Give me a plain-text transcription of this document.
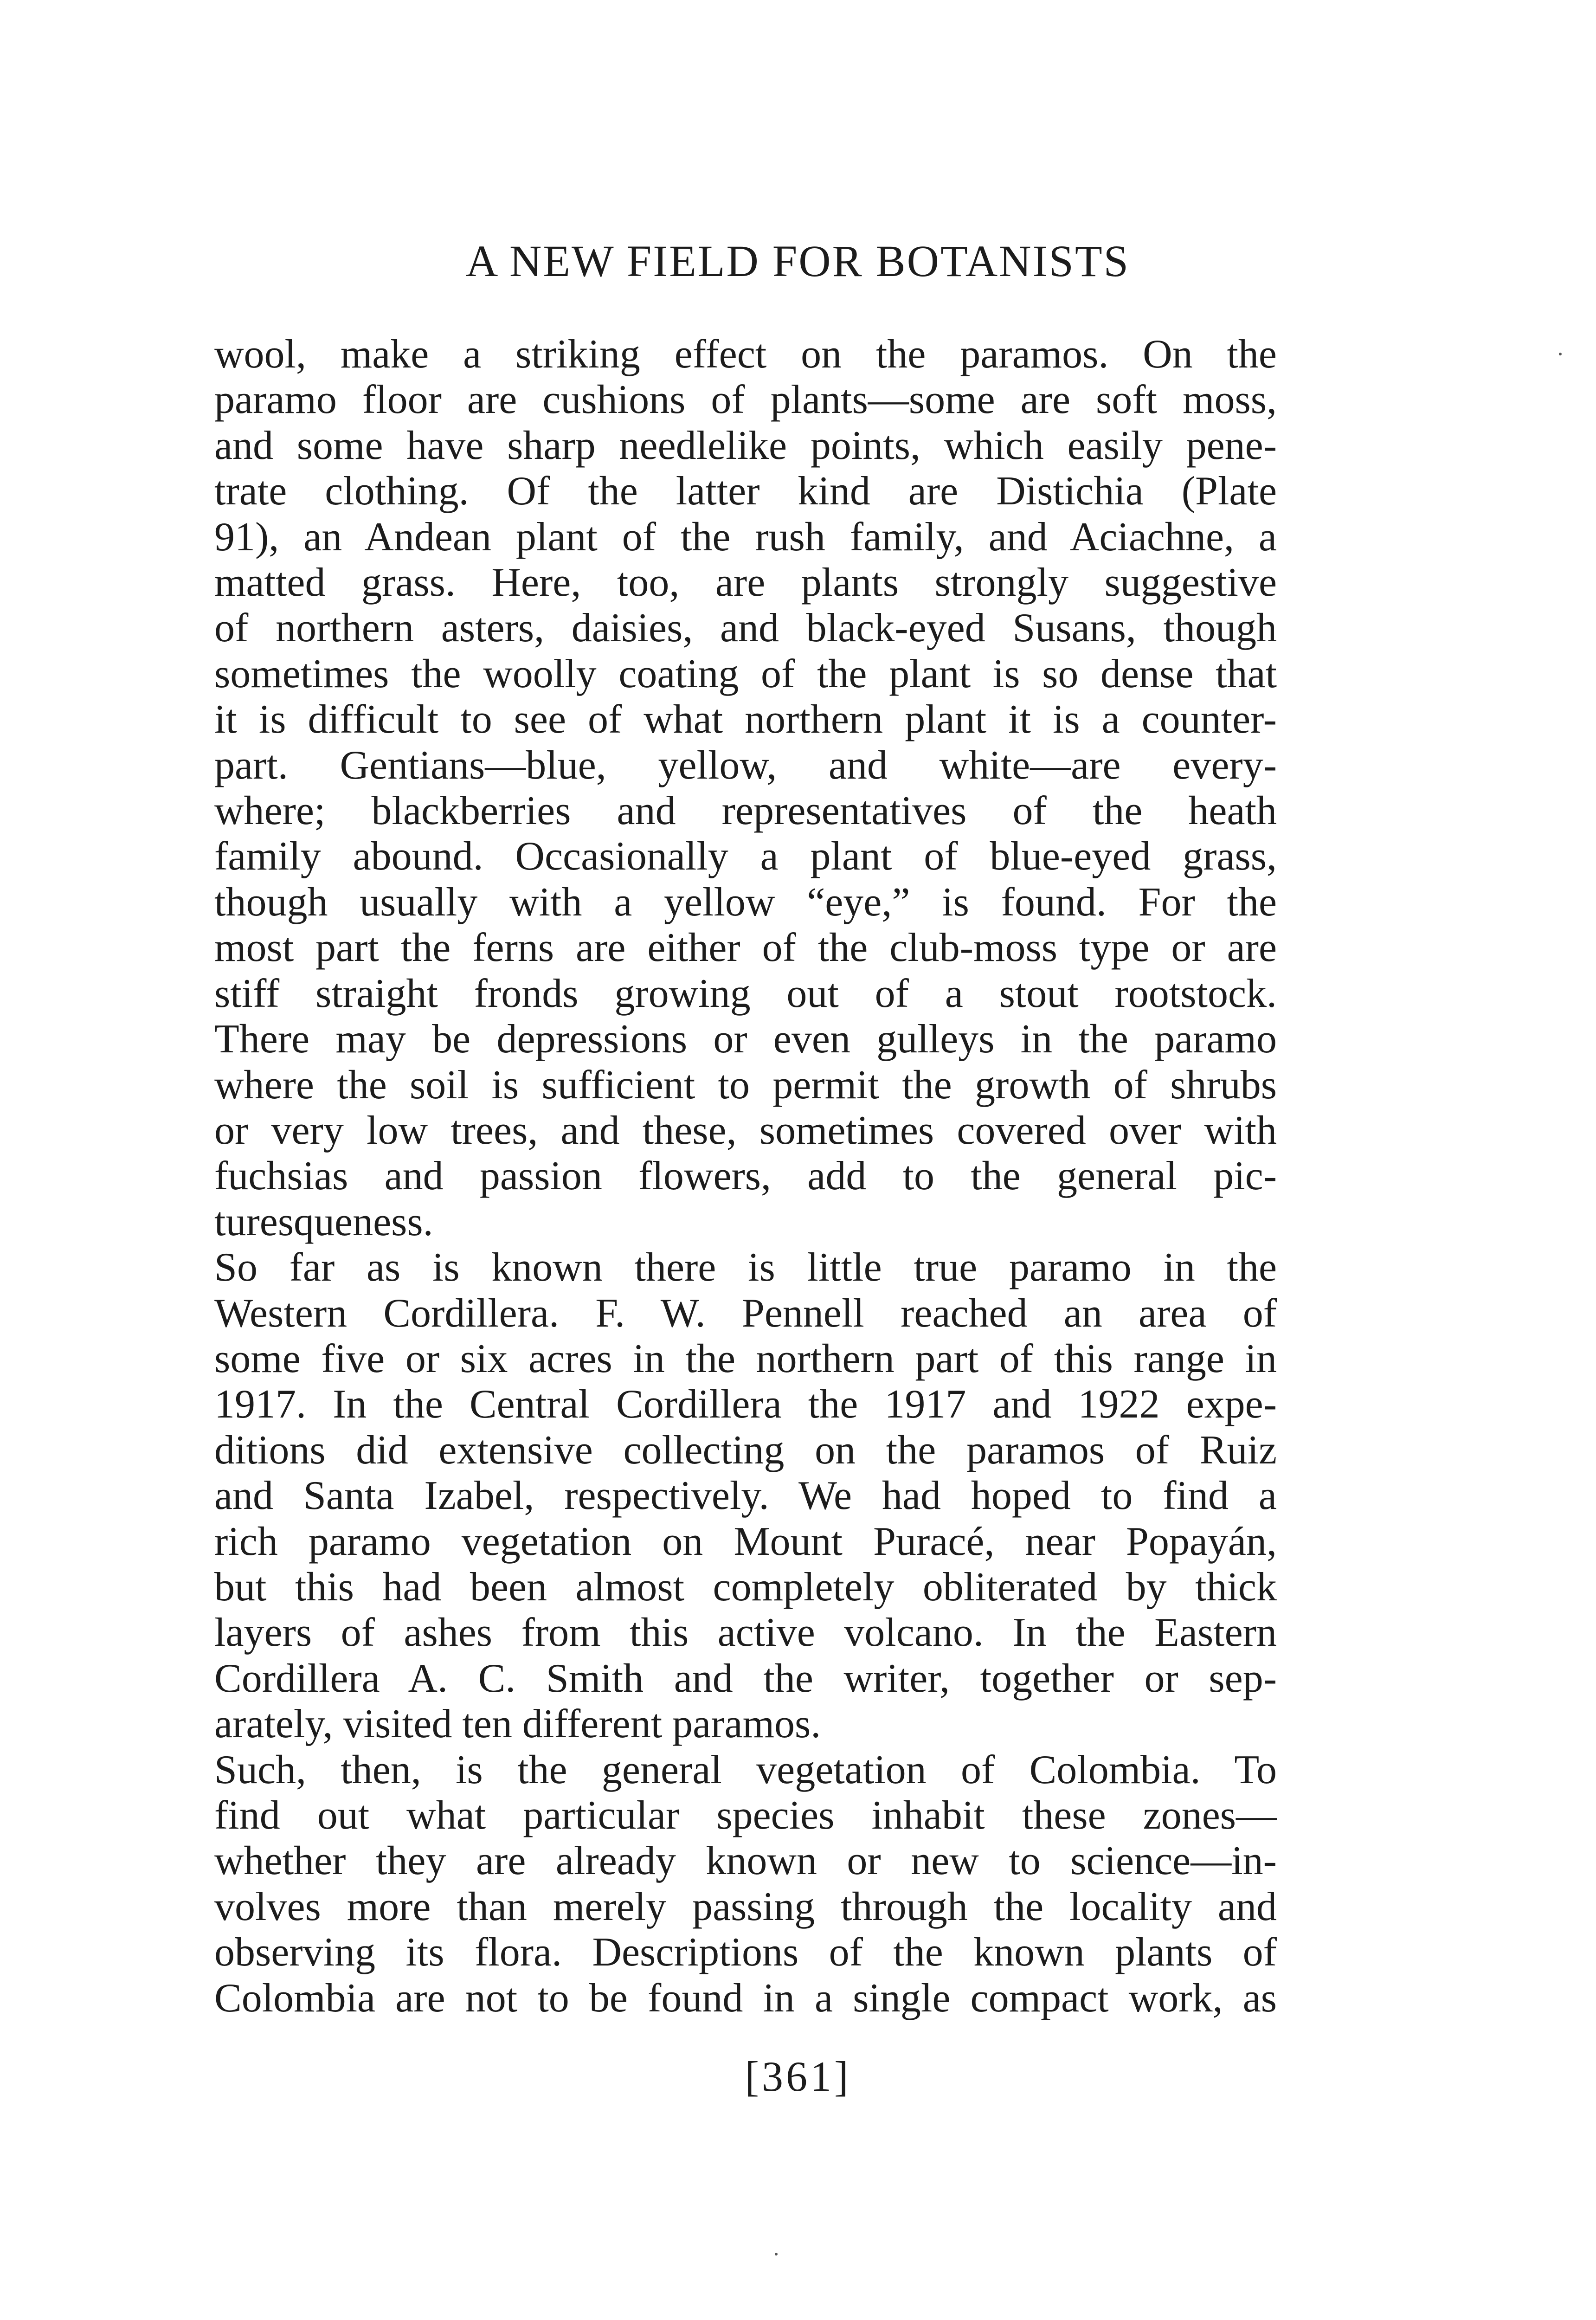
A NEW FIELD FOR BOTANISTS
wool, make a striking effect on the paramos. On the
paramo floor are cushions of plants—some are soft moss,
and some have sharp needlelike points, which easily pene-
trate clothing. Of the latter kind are Distichia (Plate
91), an Andean plant of the rush family, and Aciachne, a
matted grass. Here, too, are plants strongly suggestive
of northern asters, daisies, and black-eyed Susans, though
sometimes the woolly coating of the plant is so dense that
it is difficult to see of what northern plant it is a counter-
part. Gentians—blue, yellow, and white—are every-
where; blackberries and representatives of the heath
family abound. Occasionally a plant of blue-eyed grass,
though usually with a yellow “eye,” is found. For the
most part the ferns are either of the club-moss type or are
stiff straight fronds growing out of a stout rootstock.
There may be depressions or even gulleys in the paramo
where the soil is sufficient to permit the growth of shrubs
or very low trees, and these, sometimes covered over with
fuchsias and passion flowers, add to the general pic-
turesqueness.
So far as is known there is little true paramo in the
Western Cordillera. F. W. Pennell reached an area of
some five or six acres in the northern part of this range in
1917. In the Central Cordillera the 1917 and 1922 expe-
ditions did extensive collecting on the paramos of Ruiz
and Santa Izabel, respectively. We had hoped to find a
rich paramo vegetation on Mount Puracé, near Popayán,
but this had been almost completely obliterated by thick
layers of ashes from this active volcano. In the Eastern
Cordillera A. C. Smith and the writer, together or sep-
arately, visited ten different paramos.
Such, then, is the general vegetation of Colombia. To
find out what particular species inhabit these zones—
whether they are already known or new to science—in-
volves more than merely passing through the locality and
observing its flora. Descriptions of the known plants of
Colombia are not to be found in a single compact work, as
[361]
